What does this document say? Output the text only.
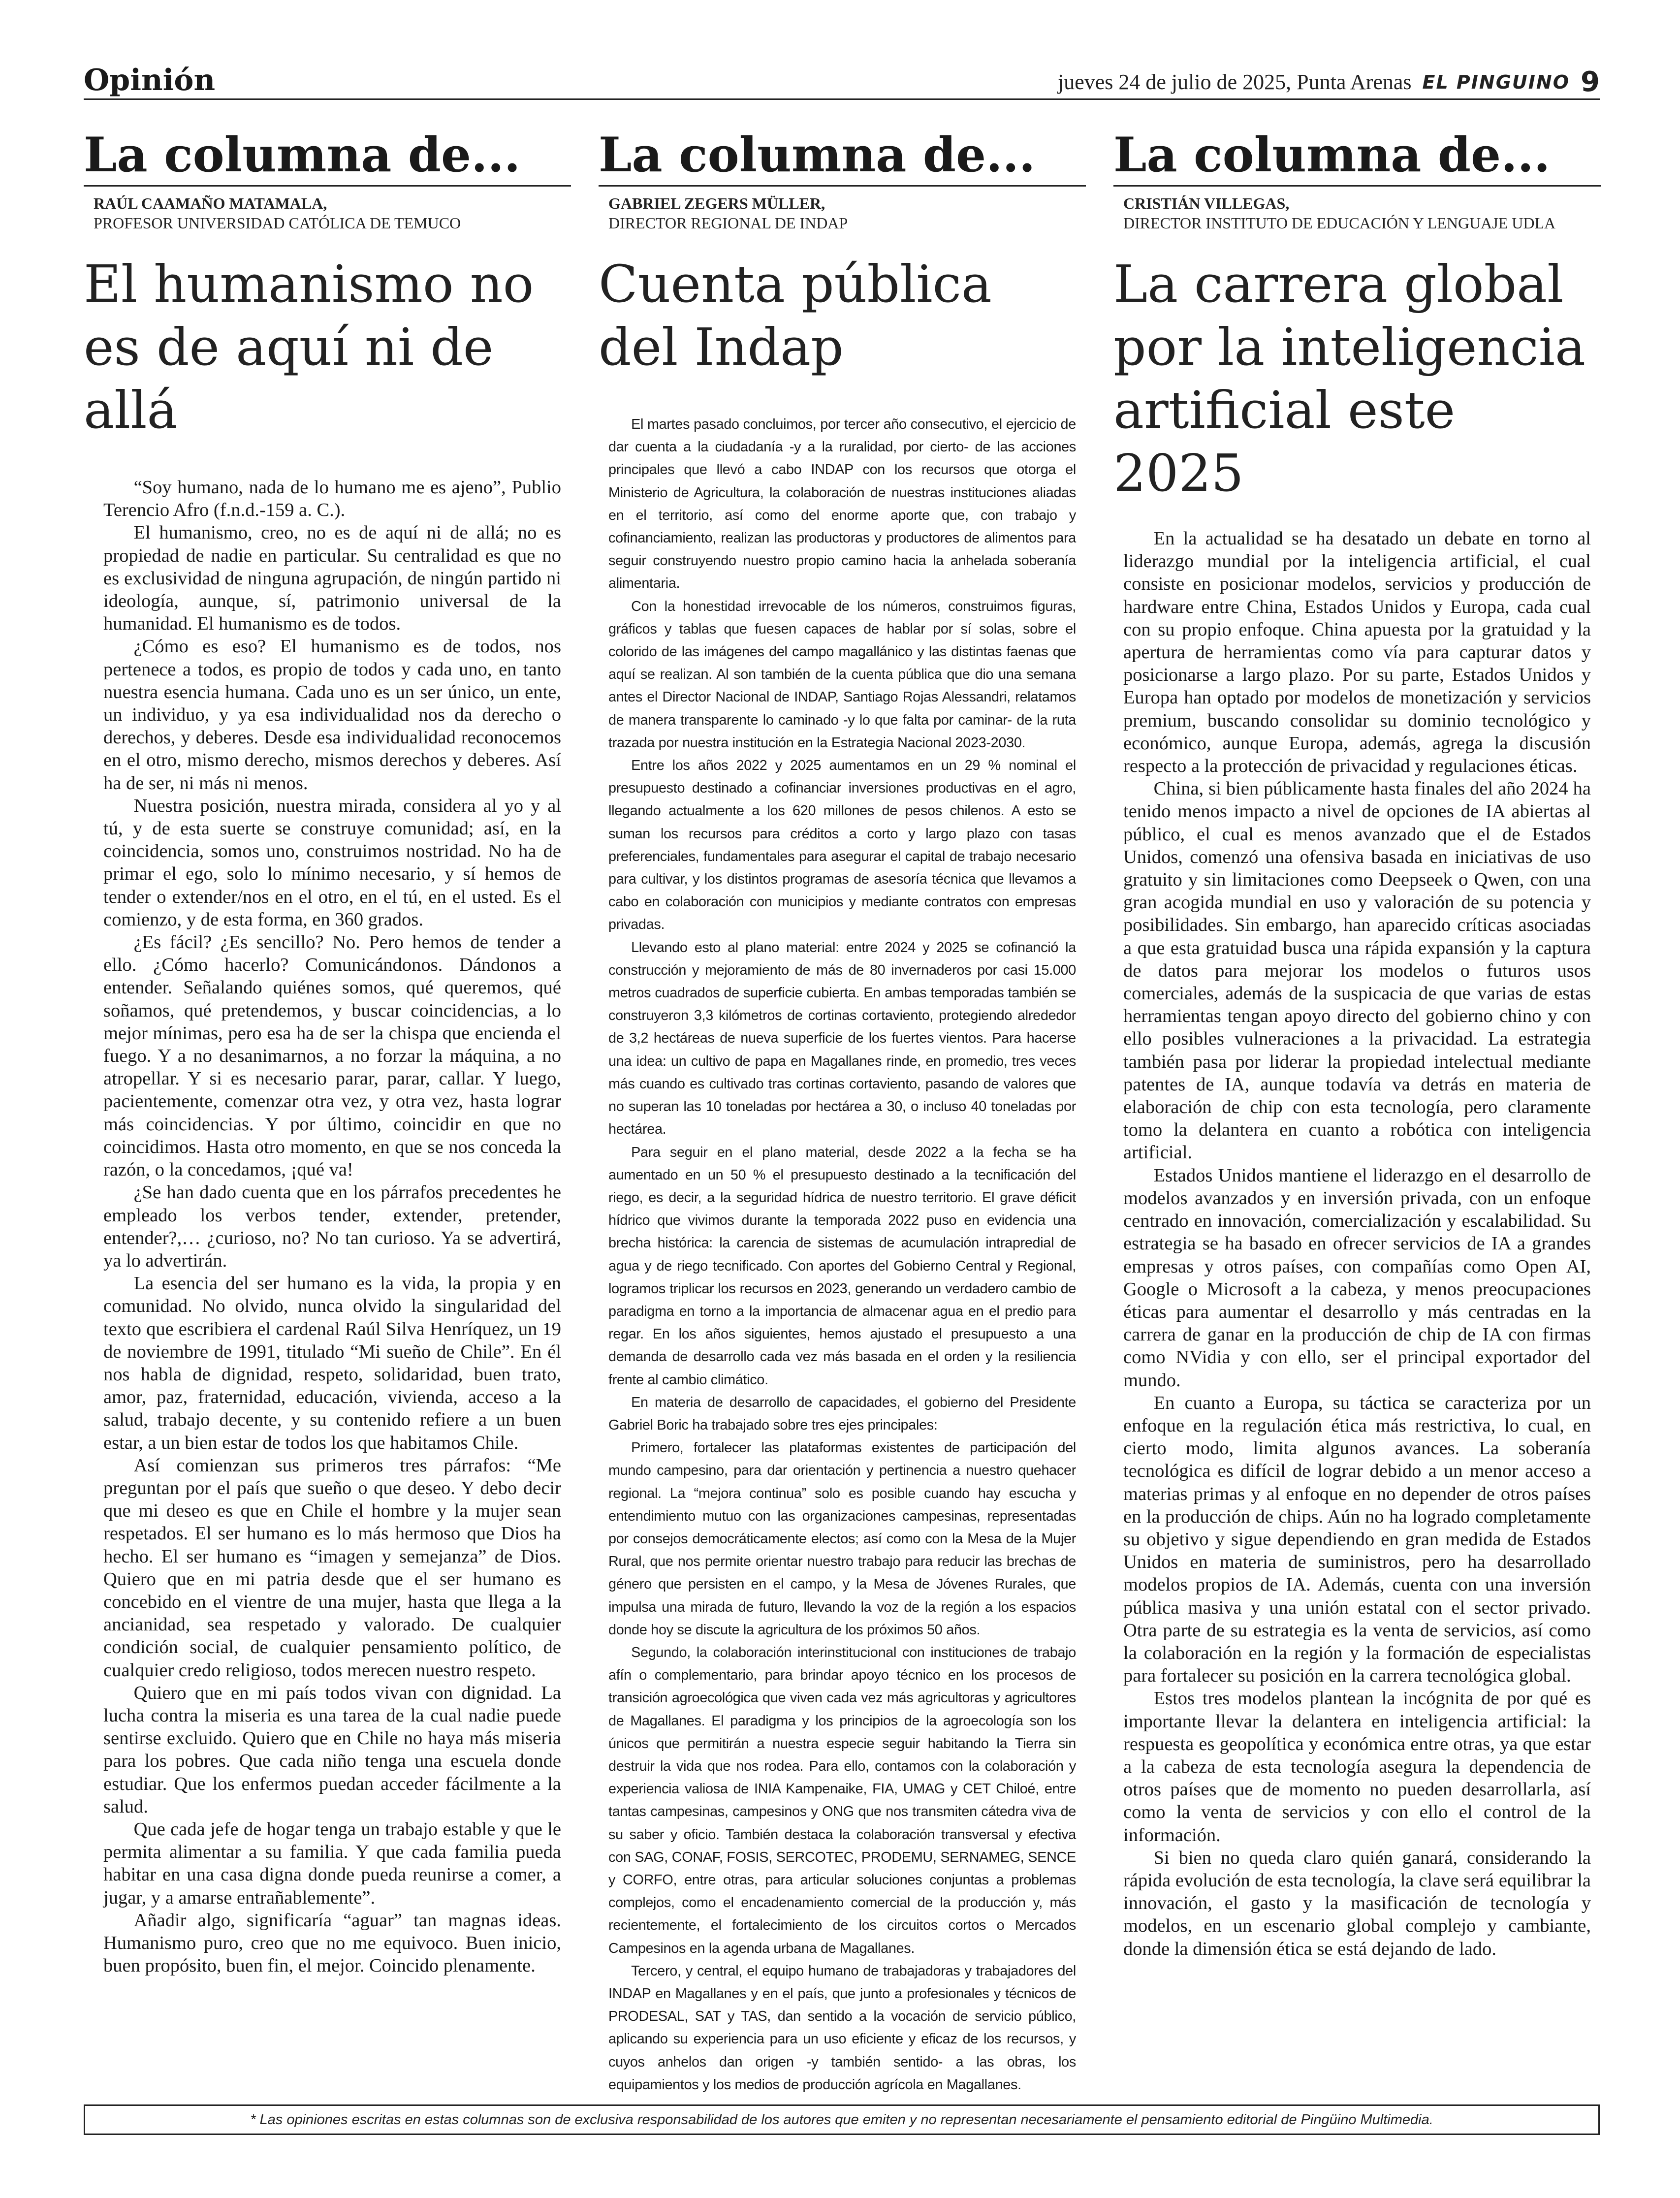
Opinión	jueves 24 de julio de 2025, Punta Arenas EL PINGUINO 9
La columna de...
RAÚL CAAMAÑO MATAMALA,
PROFESOR UNIVERSIDAD CATÓLICA DE TEMUCO
El humanismo no es de aquí ni de allá

“Soy humano, nada de lo humano me es ajeno”, Publio Terencio Afro (f.n.d.-159 a. C.).

El humanismo, creo, no es de aquí ni de allá; no es propiedad de nadie en particular. Su centralidad es que no es exclusividad de ninguna agrupación, de ningún partido ni ideología, aunque, sí, patrimonio universal de la humanidad. El humanismo es de todos.

¿Cómo es eso? El humanismo es de todos, nos pertenece a todos, es propio de todos y cada uno, en tanto nuestra esencia humana. Cada uno es un ser único, un ente, un individuo, y ya esa individualidad nos da derecho o derechos, y deberes. Desde esa individualidad reconocemos en el otro, mismo derecho, mismos derechos y deberes. Así ha de ser, ni más ni menos.

Nuestra posición, nuestra mirada, considera al yo y al tú, y de esta suerte se construye comunidad; así, en la coincidencia, somos uno, construimos nostridad. No ha de primar el ego, solo lo mínimo necesario, y sí hemos de tender o extender/nos en el otro, en el tú, en el usted. Es el comienzo, y de esta forma, en 360 grados.

¿Es fácil? ¿Es sencillo? No. Pero hemos de tender a ello. ¿Cómo hacerlo? Comunicándonos. Dándonos a entender. Señalando quiénes somos, qué queremos, qué soñamos, qué pretendemos, y buscar coincidencias, a lo mejor mínimas, pero esa ha de ser la chispa que encienda el fuego. Y a no desanimarnos, a no forzar la máquina, a no atropellar. Y si es necesario parar, parar, callar. Y luego, pacientemente, comenzar otra vez, y otra vez, hasta lograr más coincidencias. Y por último, coincidir en que no coincidimos. Hasta otro momento, en que se nos conceda la razón, o la concedamos, ¡qué va!

¿Se han dado cuenta que en los párrafos precedentes he empleado los verbos tender, extender, pretender, entender?,… ¿curioso, no? No tan curioso. Ya se advertirá, ya lo advertirán.

La esencia del ser humano es la vida, la propia y en comunidad. No olvido, nunca olvido la singularidad del texto que escribiera el cardenal Raúl Silva Henríquez, un 19 de noviembre de 1991, titulado “Mi sueño de Chile”. En él nos habla de dignidad, respeto, solidaridad, buen trato, amor, paz, fraternidad, educación, vivienda, acceso a la salud, trabajo decente, y su contenido refiere a un buen estar, a un bien estar de todos los que habitamos Chile.

Así comienzan sus primeros tres párrafos: “Me preguntan por el país que sueño o que deseo. Y debo decir que mi deseo es que en Chile el hombre y la mujer sean respetados. El ser humano es lo más hermoso que Dios ha hecho. El ser humano es “imagen y semejanza” de Dios. Quiero que en mi patria desde que el ser humano es concebido en el vientre de una mujer, hasta que llega a la ancianidad, sea respetado y valorado. De cualquier condición social, de cualquier pensamiento político, de cualquier credo religioso, todos merecen nuestro respeto.

Quiero que en mi país todos vivan con dignidad. La lucha contra la miseria es una tarea de la cual nadie puede sentirse excluido. Quiero que en Chile no haya más miseria para los pobres. Que cada niño tenga una escuela donde estudiar. Que los enfermos puedan acceder fácilmente a la salud.

Que cada jefe de hogar tenga un trabajo estable y que le permita alimentar a su familia. Y que cada familia pueda habitar en una casa digna donde pueda reunirse a comer, a jugar, y a amarse entrañablemente”.

Añadir algo, significaría “aguar” tan magnas ideas. Humanismo puro, creo que no me equivoco. Buen inicio, buen propósito, buen fin, el mejor. Coincido plenamente.

La columna de...
GABRIEL ZEGERS MÜLLER,
DIRECTOR REGIONAL DE INDAP
Cuenta pública del Indap

El martes pasado concluimos, por tercer año consecutivo, el ejercicio de dar cuenta a la ciudadanía -y a la ruralidad, por cierto- de las acciones principales que llevó a cabo INDAP con los recursos que otorga el Ministerio de Agricultura, la colaboración de nuestras instituciones aliadas en el territorio, así como del enorme aporte que, con trabajo y cofinanciamiento, realizan las productoras y productores de alimentos para seguir construyendo nuestro propio camino hacia la anhelada soberanía alimentaria.

Con la honestidad irrevocable de los números, construimos figuras, gráficos y tablas que fuesen capaces de hablar por sí solas, sobre el colorido de las imágenes del campo magallánico y las distintas faenas que aquí se realizan. Al son también de la cuenta pública que dio una semana antes el Director Nacional de INDAP, Santiago Rojas Alessandri, relatamos de manera transparente lo caminado -y lo que falta por caminar- de la ruta trazada por nuestra institución en la Estrategia Nacional 2023-2030.

Entre los años 2022 y 2025 aumentamos en un 29 % nominal el presupuesto destinado a cofinanciar inversiones productivas en el agro, llegando actualmente a los 620 millones de pesos chilenos. A esto se suman los recursos para créditos a corto y largo plazo con tasas preferenciales, fundamentales para asegurar el capital de trabajo necesario para cultivar, y los distintos programas de asesoría técnica que llevamos a cabo en colaboración con municipios y mediante contratos con empresas privadas.

Llevando esto al plano material: entre 2024 y 2025 se cofinanció la construcción y mejoramiento de más de 80 invernaderos por casi 15.000 metros cuadrados de superficie cubierta. En ambas temporadas también se construyeron 3,3 kilómetros de cortinas cortaviento, protegiendo alrededor de 3,2 hectáreas de nueva superficie de los fuertes vientos. Para hacerse una idea: un cultivo de papa en Magallanes rinde, en promedio, tres veces más cuando es cultivado tras cortinas cortaviento, pasando de valores que no superan las 10 toneladas por hectárea a 30, o incluso 40 toneladas por hectárea.

Para seguir en el plano material, desde 2022 a la fecha se ha aumentado en un 50 % el presupuesto destinado a la tecnificación del riego, es decir, a la seguridad hídrica de nuestro territorio. El grave déficit hídrico que vivimos durante la temporada 2022 puso en evidencia una brecha histórica: la carencia de sistemas de acumulación intrapredial de agua y de riego tecnificado. Con aportes del Gobierno Central y Regional, logramos triplicar los recursos en 2023, generando un verdadero cambio de paradigma en torno a la importancia de almacenar agua en el predio para regar. En los años siguientes, hemos ajustado el presupuesto a una demanda de desarrollo cada vez más basada en el orden y la resiliencia frente al cambio climático.

En materia de desarrollo de capacidades, el gobierno del Presidente Gabriel Boric ha trabajado sobre tres ejes principales:

Primero, fortalecer las plataformas existentes de participación del mundo campesino, para dar orientación y pertinencia a nuestro quehacer regional. La “mejora continua” solo es posible cuando hay escucha y entendimiento mutuo con las organizaciones campesinas, representadas por consejos democráticamente electos; así como con la Mesa de la Mujer Rural, que nos permite orientar nuestro trabajo para reducir las brechas de género que persisten en el campo, y la Mesa de Jóvenes Rurales, que impulsa una mirada de futuro, llevando la voz de la región a los espacios donde hoy se discute la agricultura de los próximos 50 años.

Segundo, la colaboración interinstitucional con instituciones de trabajo afín o complementario, para brindar apoyo técnico en los procesos de transición agroecológica que viven cada vez más agricultoras y agricultores de Magallanes. El paradigma y los principios de la agroecología son los únicos que permitirán a nuestra especie seguir habitando la Tierra sin destruir la vida que nos rodea. Para ello, contamos con la colaboración y experiencia valiosa de INIA Kampenaike, FIA, UMAG y CET Chiloé, entre tantas campesinas, campesinos y ONG que nos transmiten cátedra viva de su saber y oficio. También destaca la colaboración transversal y efectiva con SAG, CONAF, FOSIS, SERCOTEC, PRODEMU, SERNAMEG, SENCE y CORFO, entre otras, para articular soluciones conjuntas a problemas complejos, como el encadenamiento comercial de la producción y, más recientemente, el fortalecimiento de los circuitos cortos o Mercados Campesinos en la agenda urbana de Magallanes.

Tercero, y central, el equipo humano de trabajadoras y trabajadores del INDAP en Magallanes y en el país, que junto a profesionales y técnicos de PRODESAL, SAT y TAS, dan sentido a la vocación de servicio público, aplicando su experiencia para un uso eficiente y eficaz de los recursos, y cuyos anhelos dan origen -y también sentido- a las obras, los equipamientos y los medios de producción agrícola en Magallanes.

La columna de...
CRISTIÁN VILLEGAS,
DIRECTOR INSTITUTO DE EDUCACIÓN Y LENGUAJE UDLA
La carrera global por la inteligencia artificial este 2025

En la actualidad se ha desatado un debate en torno al liderazgo mundial por la inteligencia artificial, el cual consiste en posicionar modelos, servicios y producción de hardware entre China, Estados Unidos y Europa, cada cual con su propio enfoque. China apuesta por la gratuidad y la apertura de herramientas como vía para capturar datos y posicionarse a largo plazo. Por su parte, Estados Unidos y Europa han optado por modelos de monetización y servicios premium, buscando consolidar su dominio tecnológico y económico, aunque Europa, además, agrega la discusión respecto a la protección de privacidad y regulaciones éticas.

China, si bien públicamente hasta finales del año 2024 ha tenido menos impacto a nivel de opciones de IA abiertas al público, el cual es menos avanzado que el de Estados Unidos, comenzó una ofensiva basada en iniciativas de uso gratuito y sin limitaciones como Deepseek o Qwen, con una gran acogida mundial en uso y valoración de su potencia y posibilidades. Sin embargo, han aparecido críticas asociadas a que esta gratuidad busca una rápida expansión y la captura de datos para mejorar los modelos o futuros usos comerciales, además de la suspicacia de que varias de estas herramientas tengan apoyo directo del gobierno chino y con ello posibles vulneraciones a la privacidad. La estrategia también pasa por liderar la propiedad intelectual mediante patentes de IA, aunque todavía va detrás en materia de elaboración de chip con esta tecnología, pero claramente tomo la delantera en cuanto a robótica con inteligencia artificial.

Estados Unidos mantiene el liderazgo en el desarrollo de modelos avanzados y en inversión privada, con un enfoque centrado en innovación, comercialización y escalabilidad. Su estrategia se ha basado en ofrecer servicios de IA a grandes empresas y otros países, con compañías como Open AI, Google o Microsoft a la cabeza, y menos preocupaciones éticas para aumentar el desarrollo y más centradas en la carrera de ganar en la producción de chip de IA con firmas como NVidia y con ello, ser el principal exportador del mundo.

En cuanto a Europa, su táctica se caracteriza por un enfoque en la regulación ética más restrictiva, lo cual, en cierto modo, limita algunos avances. La soberanía tecnológica es difícil de lograr debido a un menor acceso a materias primas y al enfoque en no depender de otros países en la producción de chips. Aún no ha logrado completamente su objetivo y sigue dependiendo en gran medida de Estados Unidos en materia de suministros, pero ha desarrollado modelos propios de IA. Además, cuenta con una inversión pública masiva y una unión estatal con el sector privado. Otra parte de su estrategia es la venta de servicios, así como la colaboración en la región y la formación de especialistas para fortalecer su posición en la carrera tecnológica global.

Estos tres modelos plantean la incógnita de por qué es importante llevar la delantera en inteligencia artificial: la respuesta es geopolítica y económica entre otras, ya que estar a la cabeza de esta tecnología asegura la dependencia de otros países que de momento no pueden desarrollarla, así como la venta de servicios y con ello el control de la información.

Si bien no queda claro quién ganará, considerando la rápida evolución de esta tecnología, la clave será equilibrar la innovación, el gasto y la masificación de tecnología y modelos, en un escenario global complejo y cambiante, donde la dimensión ética se está dejando de lado.

* Las opiniones escritas en estas columnas son de exclusiva responsabilidad de los autores que emiten y no representan necesariamente el pensamiento editorial de Pingüino Multimedia.
